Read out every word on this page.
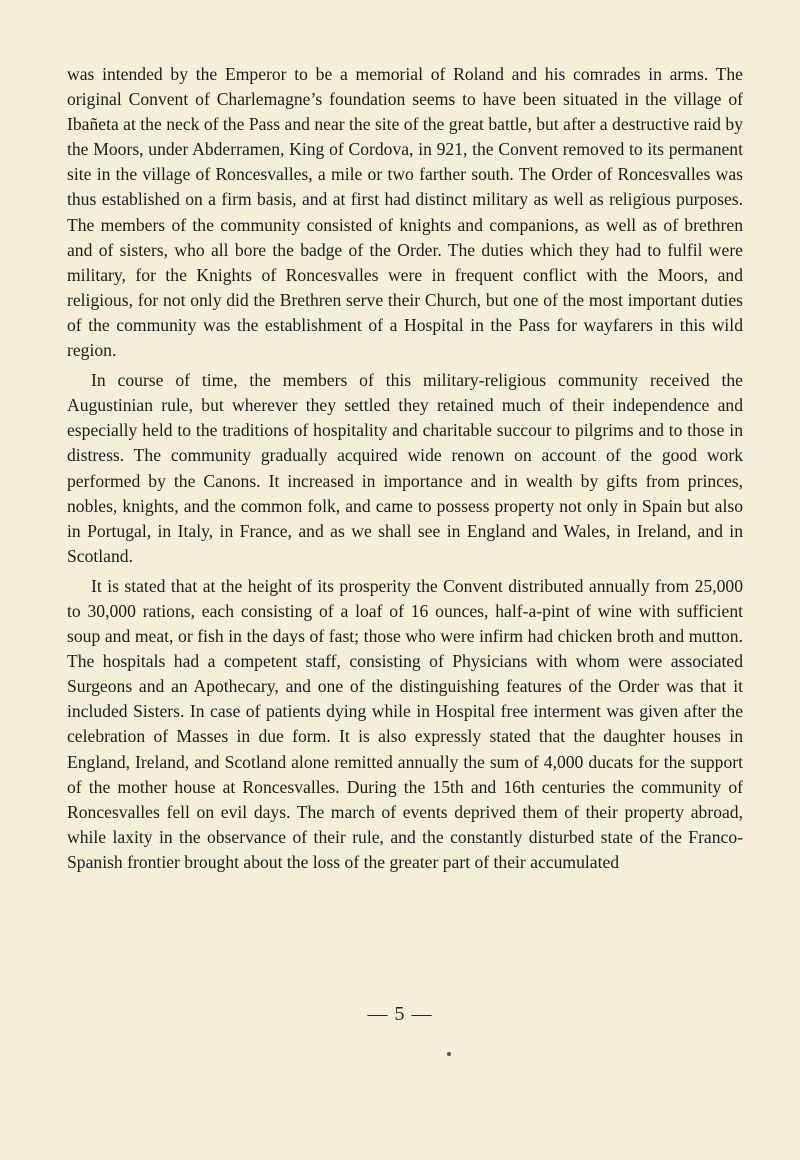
was intended by the Emperor to be a memorial of Roland and his comrades in arms. The original Convent of Charlemagne’s foundation seems to have been situated in the village of Ibañeta at the neck of the Pass and near the site of the great battle, but after a destructive raid by the Moors, under Abderramen, King of Cordova, in 921, the Convent removed to its permanent site in the village of Roncesvalles, a mile or two farther south. The Order of Roncesvalles was thus established on a firm basis, and at first had distinct military as well as religious purposes. The members of the community consisted of knights and companions, as well as of brethren and of sisters, who all bore the badge of the Order. The duties which they had to fulfil were military, for the Knights of Roncesvalles were in frequent conflict with the Moors, and religious, for not only did the Brethren serve their Church, but one of the most important duties of the community was the establishment of a Hospital in the Pass for wayfarers in this wild region.

In course of time, the members of this military-religious community received the Augustinian rule, but wherever they settled they retained much of their independence and especially held to the traditions of hospitality and charitable succour to pilgrims and to those in distress. The community gradually acquired wide renown on account of the good work performed by the Canons. It increased in importance and in wealth by gifts from princes, nobles, knights, and the common folk, and came to possess property not only in Spain but also in Portugal, in Italy, in France, and as we shall see in England and Wales, in Ireland, and in Scotland.

It is stated that at the height of its prosperity the Convent distributed annually from 25,000 to 30,000 rations, each consisting of a loaf of 16 ounces, half-a-pint of wine with sufficient soup and meat, or fish in the days of fast; those who were infirm had chicken broth and mutton. The hospitals had a competent staff, consisting of Physicians with whom were associated Surgeons and an Apothecary, and one of the distinguishing features of the Order was that it included Sisters. In case of patients dying while in Hospital free interment was given after the celebration of Masses in due form. It is also expressly stated that the daughter houses in England, Ireland, and Scotland alone remitted annually the sum of 4,000 ducats for the support of the mother house at Roncesvalles. During the 15th and 16th centuries the community of Roncesvalles fell on evil days. The march of events deprived them of their property abroad, while laxity in the observance of their rule, and the constantly disturbed state of the Franco-Spanish frontier brought about the loss of the greater part of their accumulated

— 5 —
